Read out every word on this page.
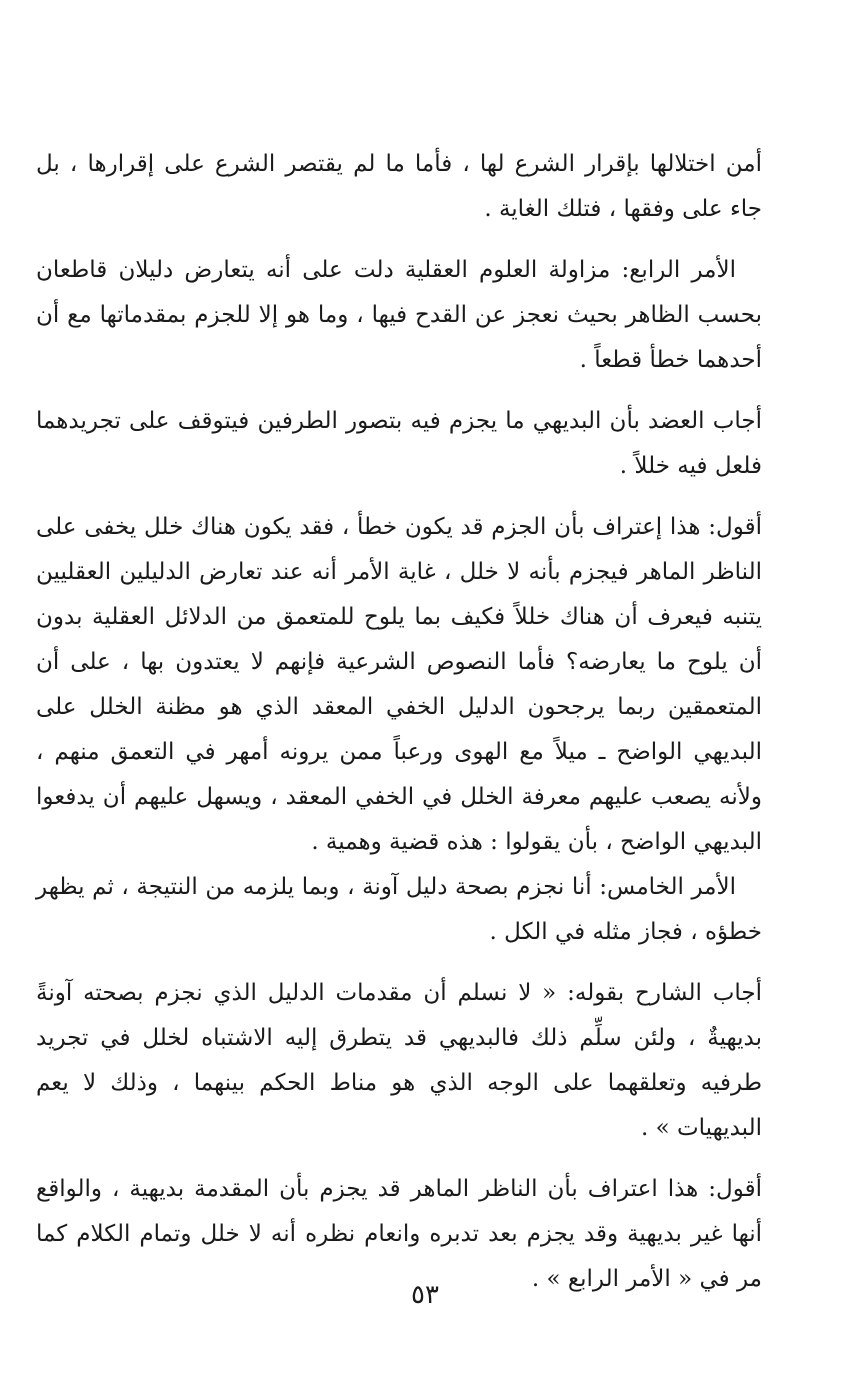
أمن اختلالها بإقرار الشرع لها ، فأما ما لم يقتصر الشرع على إقرارها ، بل جاء على وفقها ، فتلك الغاية .

الأمر الرابع: مزاولة العلوم العقلية دلت على أنه يتعارض دليلان قاطعان بحسب الظاهر بحيث نعجز عن القدح فيها ، وما هو إلا للجزم بمقدماتها مع أن أحدهما خطأ قطعاً .

أجاب العضد بأن البديهي ما يجزم فيه بتصور الطرفين فيتوقف على تجريدهما فلعل فيه خللاً .

أقول: هذا إعتراف بأن الجزم قد يكون خطأ ، فقد يكون هناك خلل يخفى على الناظر الماهر فيجزم بأنه لا خلل ، غاية الأمر أنه عند تعارض الدليلين العقليين يتنبه فيعرف أن هناك خللاً فكيف بما يلوح للمتعمق من الدلائل العقلية بدون أن يلوح ما يعارضه؟ فأما النصوص الشرعية فإنهم لا يعتدون بها ، على أن المتعمقين ربما يرجحون الدليل الخفي المعقد الذي هو مظنة الخلل على البديهي الواضح ـ ميلاً مع الهوى ورعباً ممن يرونه أمهر في التعمق منهم ، ولأنه يصعب عليهم معرفة الخلل في الخفي المعقد ، ويسهل عليهم أن يدفعوا البديهي الواضح ، بأن يقولوا : هذه قضية وهمية .

الأمر الخامس: أنا نجزم بصحة دليل آونة ، وبما يلزمه من النتيجة ، ثم يظهر خطؤه ، فجاز مثله في الكل .

أجاب الشارح بقوله: « لا نسلم أن مقدمات الدليل الذي نجزم بصحته آونةً بديهيةٌ ، ولئن سلِّم ذلك فالبديهي قد يتطرق إليه الاشتباه لخلل في تجريد طرفيه وتعلقهما على الوجه الذي هو مناط الحكم بينهما ، وذلك لا يعم البديهيات » .

أقول: هذا اعتراف بأن الناظر الماهر قد يجزم بأن المقدمة بديهية ، والواقع أنها غير بديهية وقد يجزم بعد تدبره وانعام نظره أنه لا خلل وتمام الكلام كما مر في « الأمر الرابع » .

٥٣
